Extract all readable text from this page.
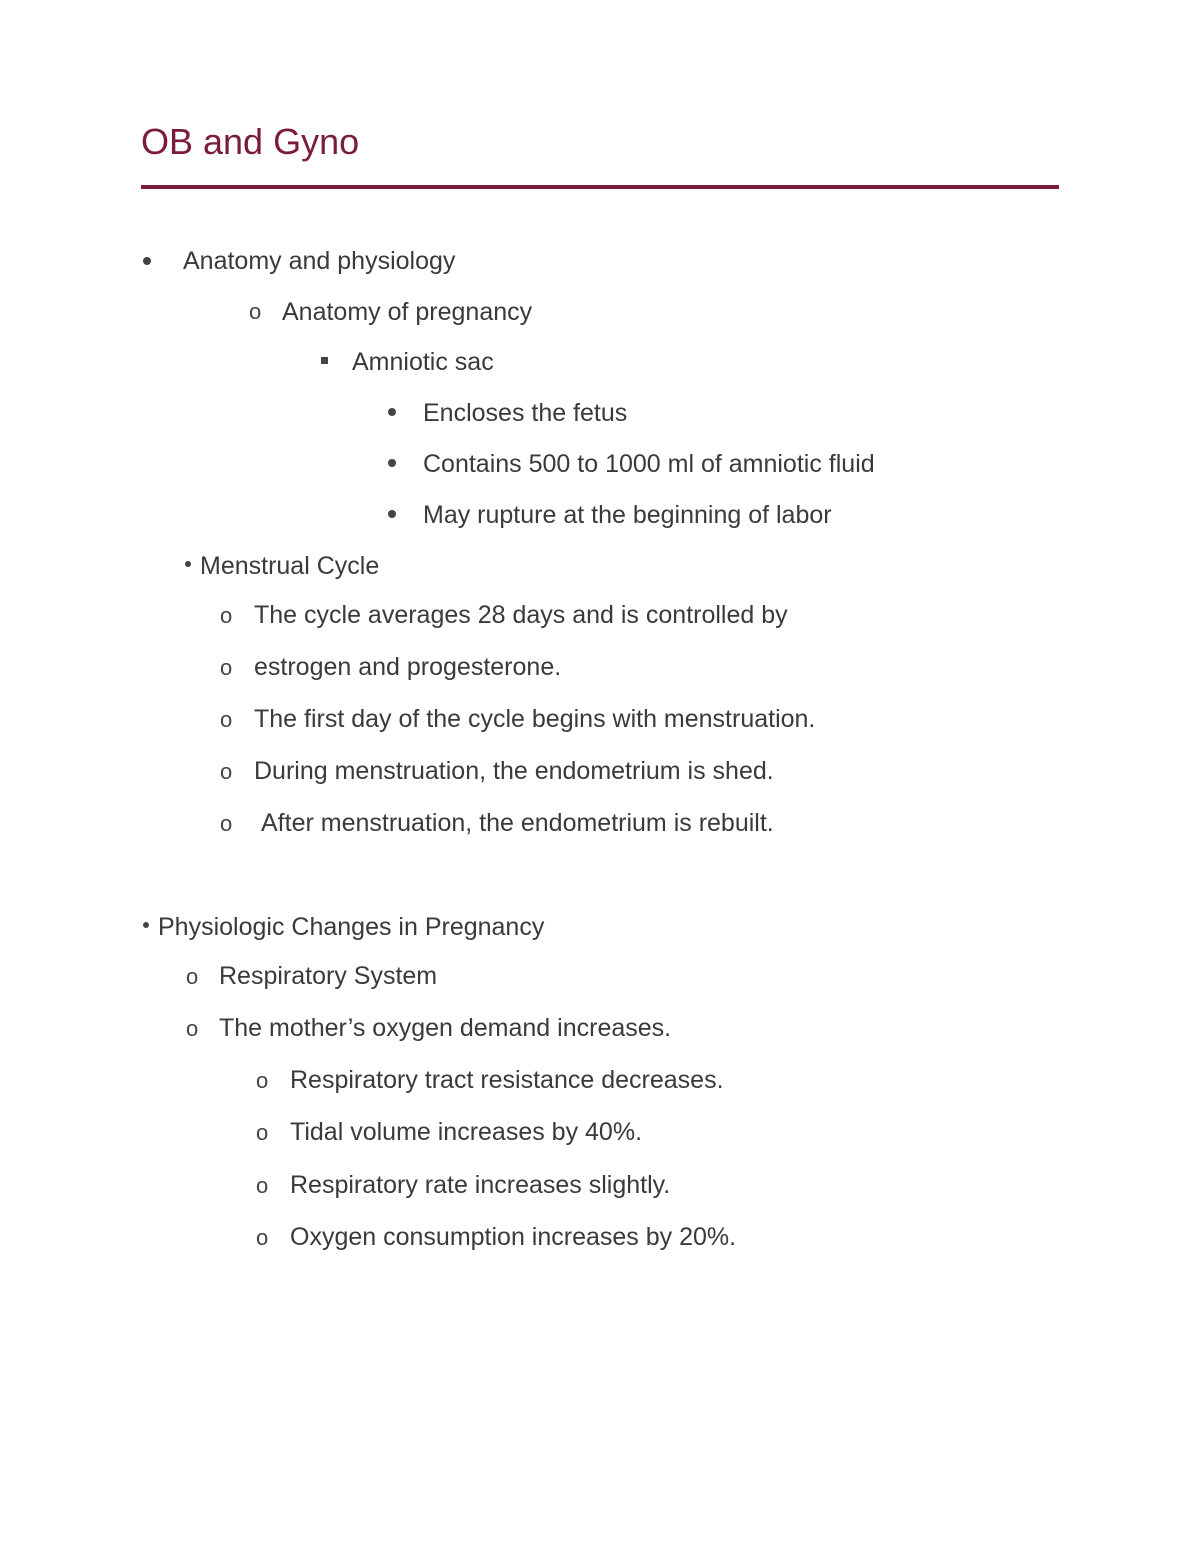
OB and Gyno
Anatomy and physiology
o Anatomy of pregnancy
Amniotic sac
Encloses the fetus
Contains 500 to 1000 ml of amniotic fluid
May rupture at the beginning of labor
Menstrual Cycle
o The cycle averages 28 days and is controlled by
o estrogen and progesterone.
o The first day of the cycle begins with menstruation.
o During menstruation, the endometrium is shed.
o After menstruation, the endometrium is rebuilt.
Physiologic Changes in Pregnancy
o Respiratory System
o The mother’s oxygen demand increases.
o Respiratory tract resistance decreases.
o Tidal volume increases by 40%.
o Respiratory rate increases slightly.
o Oxygen consumption increases by 20%.
